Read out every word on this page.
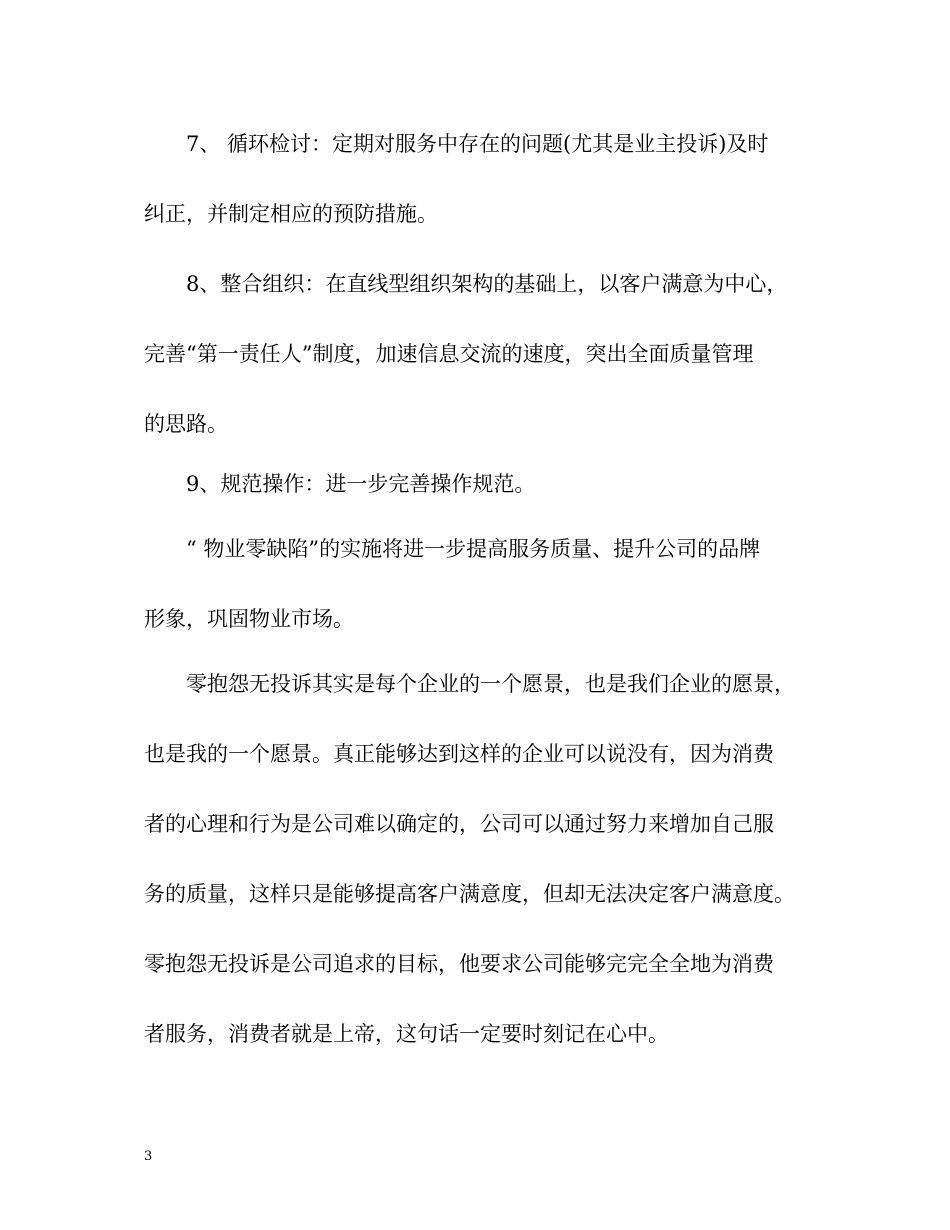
7、 循环检讨：定期对服务中存在的问题(尤其是业主投诉)及时
纠正，并制定相应的预防措施。
8、整合组织：在直线型组织架构的基础上，以客户满意为中心，
完善“第一责任人”制度，加速信息交流的速度，突出全面质量管理
的思路。
9、规范操作：进一步完善操作规范。
“ 物业零缺陷”的实施将进一步提高服务质量、提升公司的品牌
形象，巩固物业市场。
零抱怨无投诉其实是每个企业的一个愿景，也是我们企业的愿景，
也是我的一个愿景。真正能够达到这样的企业可以说没有，因为消费
者的心理和行为是公司难以确定的，公司可以通过努力来增加自己服
务的质量，这样只是能够提高客户满意度，但却无法决定客户满意度。
零抱怨无投诉是公司追求的目标，他要求公司能够完完全全地为消费
者服务，消费者就是上帝，这句话一定要时刻记在心中。
3
